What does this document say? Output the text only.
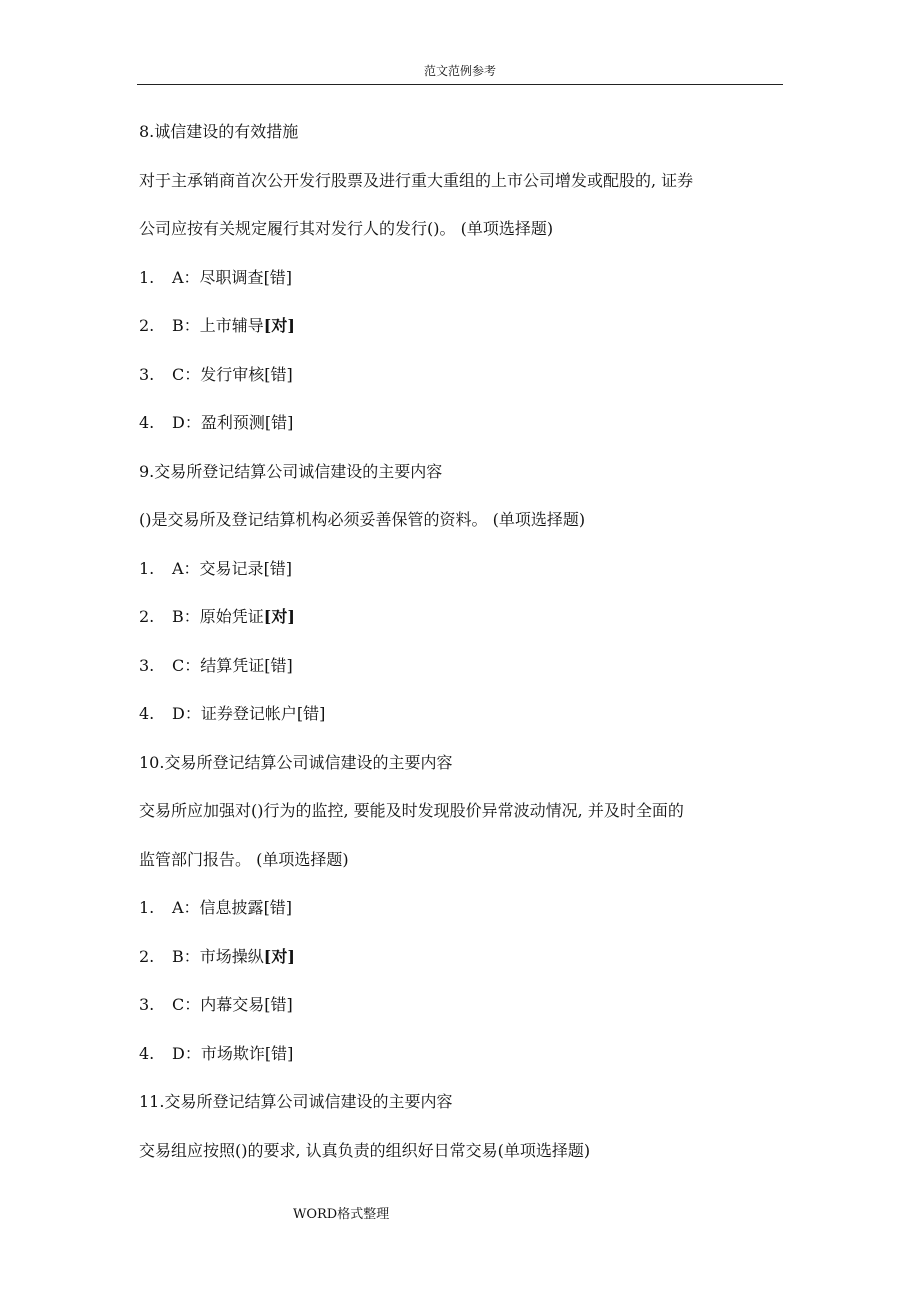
范文范例参考
8.诚信建设的有效措施
对于主承销商首次公开发行股票及进行重大重组的上市公司增发或配股的, 证券
公司应按有关规定履行其对发行人的发行()。 (单项选择题)
1. A：尽职调查[错]
2. B：上市辅导[对]
3. C：发行审核[错]
4. D：盈利预测[错]
9.交易所登记结算公司诚信建设的主要内容
()是交易所及登记结算机构必须妥善保管的资料。 (单项选择题)
1. A：交易记录[错]
2. B：原始凭证[对]
3. C：结算凭证[错]
4. D：证券登记帐户[错]
10.交易所登记结算公司诚信建设的主要内容
交易所应加强对()行为的监控, 要能及时发现股价异常波动情况, 并及时全面的
监管部门报告。 (单项选择题)
1. A：信息披露[错]
2. B：市场操纵[对]
3. C：内幕交易[错]
4. D：市场欺诈[错]
11.交易所登记结算公司诚信建设的主要内容
交易组应按照()的要求, 认真负责的组织好日常交易(单项选择题)
WORD格式整理
